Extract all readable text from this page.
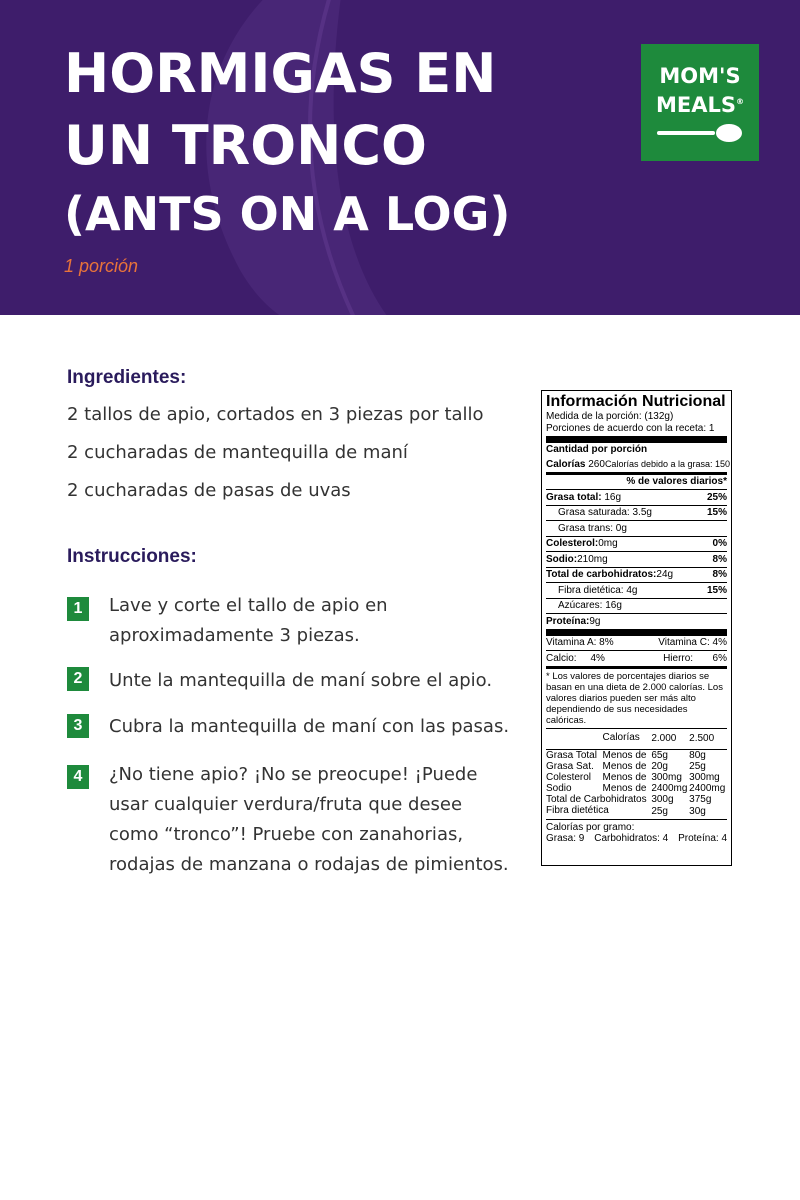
HORMIGAS EN
UN TRONCO
(ANTS ON A LOG)
1 porción
MOM'S
MEALS®
Ingredientes:
2 tallos de apio, cortados en 3 piezas por tallo
2 cucharadas de mantequilla de maní
2 cucharadas de pasas de uvas
Instrucciones:
1	Lave y corte el tallo de apio en aproximadamente 3 piezas.
2	Unte la mantequilla de maní sobre el apio.
3	Cubra la mantequilla de maní con las pasas.
4	¿No tiene apio? ¡No se preocupe! ¡Puede usar cualquier verdura/fruta que desee como “tronco”! Pruebe con zanahorias, rodajas de manzana o rodajas de pimientos.
Información Nutricional
Medida de la porción: (132g)
Porciones de acuerdo con la receta: 1
Cantidad por porción
Calorías 260 Calorías debido a la grasa: 150
% de valores diarios*
Grasa total: 16g	25%
Grasa saturada: 3.5g	15%
Grasa trans: 0g
Colesterol:0mg	0%
Sodio:210mg	8%
Total de carbohidratos:24g	8%
Fibra dietética: 4g	15%
Azúcares: 16g
Proteína:9g
Vitamina A: 8%	Vitamina C: 4%
Calcio: 4%	Hierro: 6%
* Los valores de porcentajes diarios se basan en una dieta de 2.000 calorías. Los valores diarios pueden ser más alto dependiendo de sus necesidades calóricas.
	Calorías	2.000	2.500
Grasa Total	Menos de	65g	80g
Grasa Sat.	Menos de	20g	25g
Colesterol	Menos de	300mg	300mg
Sodio	Menos de	2400mg	2400mg
Total de Carbohidratos		300g	375g
Fibra dietética		25g	30g
Calorías por gramo:
Grasa: 9 Carbohidratos: 4 Proteína: 4
